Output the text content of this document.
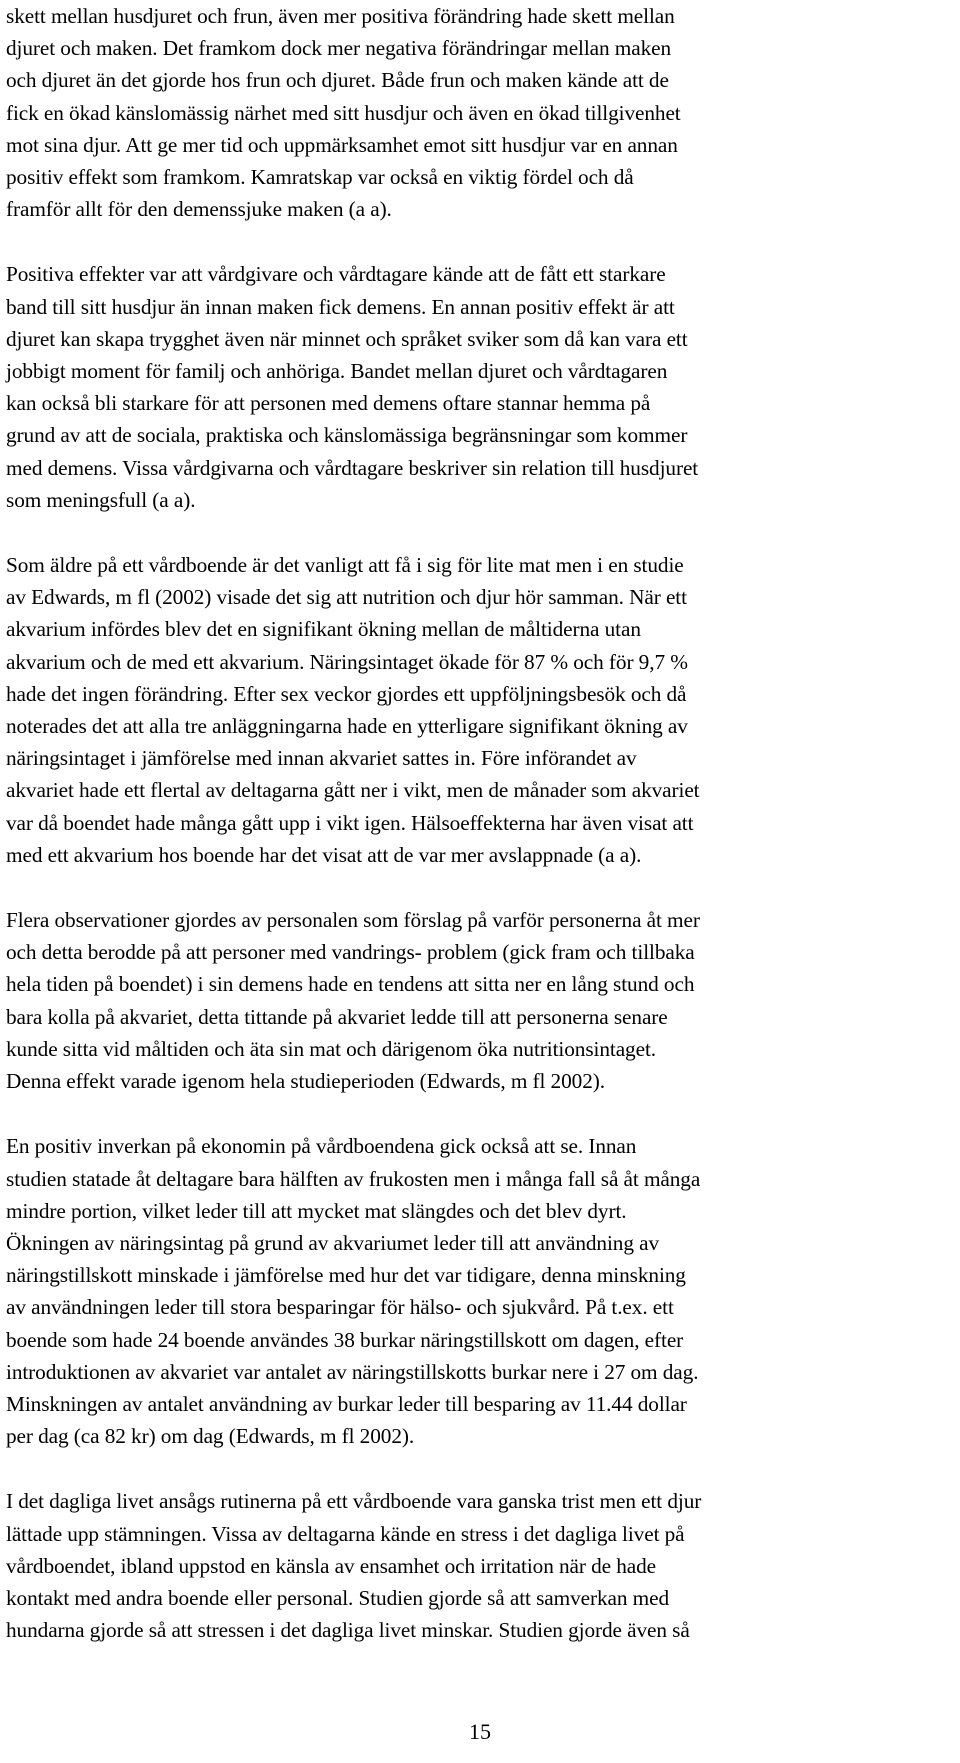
skett mellan husdjuret och frun, även mer positiva förändring hade skett mellan
djuret och maken. Det framkom dock mer negativa förändringar mellan maken
och djuret än det gjorde hos frun och djuret. Både frun och maken kände att de
fick en ökad känslomässig närhet med sitt husdjur och även en ökad tillgivenhet
mot sina djur. Att ge mer tid och uppmärksamhet emot sitt husdjur var en annan
positiv effekt som framkom. Kamratskap var också en viktig fördel och då
framför allt för den demenssjuke maken (a a).

Positiva effekter var att vårdgivare och vårdtagare kände att de fått ett starkare
band till sitt husdjur än innan maken fick demens. En annan positiv effekt är att
djuret kan skapa trygghet även när minnet och språket sviker som då kan vara ett
jobbigt moment för familj och anhöriga. Bandet mellan djuret och vårdtagaren
kan också bli starkare för att personen med demens oftare stannar hemma på
grund av att de sociala, praktiska och känslomässiga begränsningar som kommer
med demens. Vissa vårdgivarna och vårdtagare beskriver sin relation till husdjuret
som meningsfull (a a).

Som äldre på ett vårdboende är det vanligt att få i sig för lite mat men i en studie
av Edwards, m fl (2002) visade det sig att nutrition och djur hör samman. När ett
akvarium infördes blev det en signifikant ökning mellan de måltiderna utan
akvarium och de med ett akvarium. Näringsintaget ökade för 87 % och för 9,7 %
hade det ingen förändring. Efter sex veckor gjordes ett uppföljningsbesök och då
noterades det att alla tre anläggningarna hade en ytterligare signifikant ökning av
näringsintaget i jämförelse med innan akvariet sattes in. Före införandet av
akvariet hade ett flertal av deltagarna gått ner i vikt, men de månader som akvariet
var då boendet hade många gått upp i vikt igen. Hälsoeffekterna har även visat att
med ett akvarium hos boende har det visat att de var mer avslappnade (a a).

Flera observationer gjordes av personalen som förslag på varför personerna åt mer
och detta berodde på att personer med vandrings- problem (gick fram och tillbaka
hela tiden på boendet) i sin demens hade en tendens att sitta ner en lång stund och
bara kolla på akvariet, detta tittande på akvariet ledde till att personerna senare
kunde sitta vid måltiden och äta sin mat och därigenom öka nutritionsintaget.
Denna effekt varade igenom hela studieperioden (Edwards, m fl 2002).

En positiv inverkan på ekonomin på vårdboendena gick också att se. Innan
studien statade åt deltagare bara hälften av frukosten men i många fall så åt många
mindre portion, vilket leder till att mycket mat slängdes och det blev dyrt.
Ökningen av näringsintag på grund av akvariumet leder till att användning av
näringstillskott minskade i jämförelse med hur det var tidigare, denna minskning
av användningen leder till stora besparingar för hälso- och sjukvård. På t.ex. ett
boende som hade 24 boende användes 38 burkar näringstillskott om dagen, efter
introduktionen av akvariet var antalet av näringstillskotts burkar nere i 27 om dag.
Minskningen av antalet användning av burkar leder till besparing av 11.44 dollar
per dag (ca 82 kr) om dag (Edwards, m fl 2002).

I det dagliga livet ansågs rutinerna på ett vårdboende vara ganska trist men ett djur
lättade upp stämningen. Vissa av deltagarna kände en stress i det dagliga livet på
vårdboendet, ibland uppstod en känsla av ensamhet och irritation när de hade
kontakt med andra boende eller personal. Studien gjorde så att samverkan med
hundarna gjorde så att stressen i det dagliga livet minskar. Studien gjorde även så

15
